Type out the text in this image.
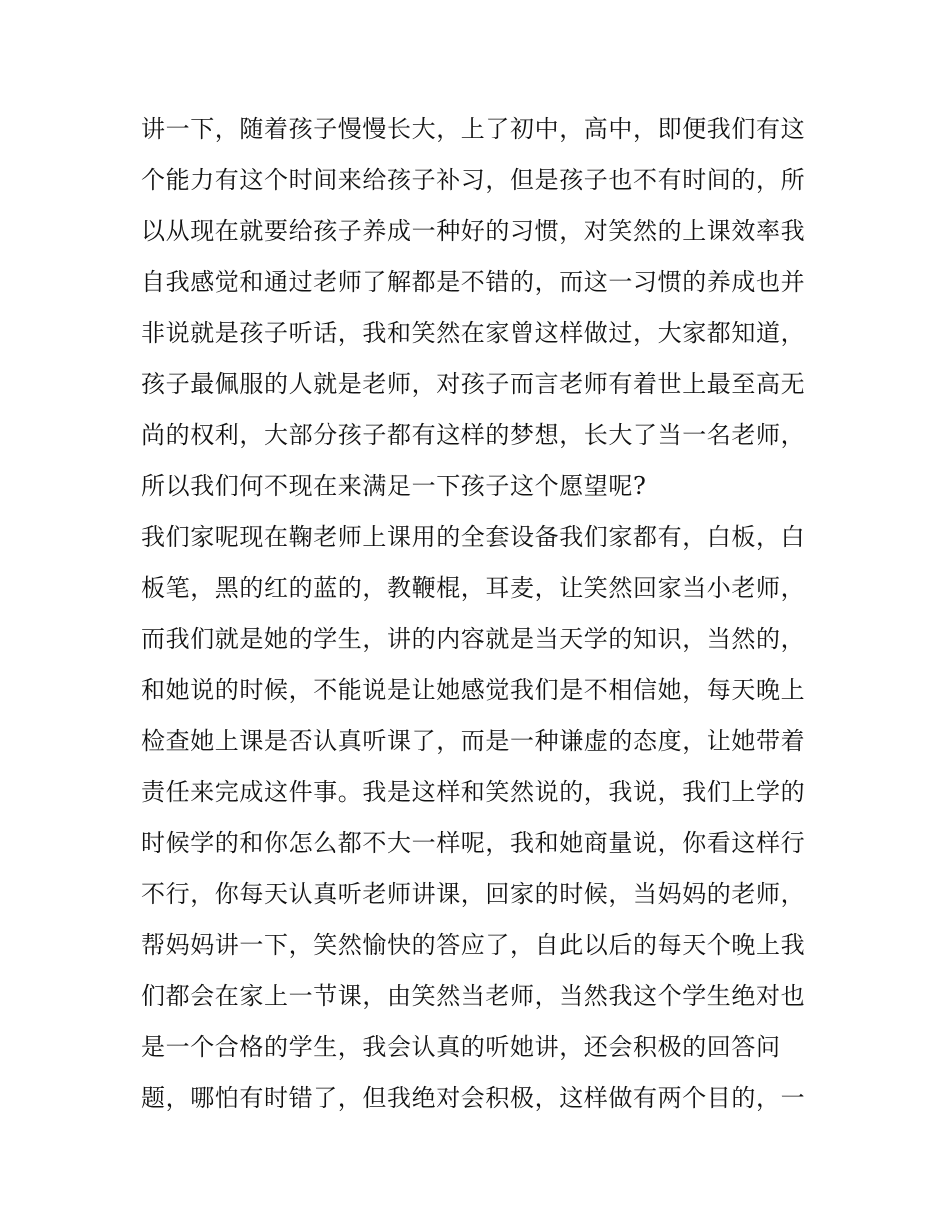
讲一下，随着孩子慢慢长大，上了初中，高中，即便我们有这
个能力有这个时间来给孩子补习，但是孩子也不有时间的，所
以从现在就要给孩子养成一种好的习惯，对笑然的上课效率我
自我感觉和通过老师了解都是不错的，而这一习惯的养成也并
非说就是孩子听话，我和笑然在家曾这样做过，大家都知道，
孩子最佩服的人就是老师，对孩子而言老师有着世上最至高无
尚的权利，大部分孩子都有这样的梦想，长大了当一名老师，
所以我们何不现在来满足一下孩子这个愿望呢?
我们家呢现在鞠老师上课用的全套设备我们家都有，白板，白
板笔，黑的红的蓝的，教鞭棍，耳麦，让笑然回家当小老师，
而我们就是她的学生，讲的内容就是当天学的知识，当然的，
和她说的时候，不能说是让她感觉我们是不相信她，每天晚上
检查她上课是否认真听课了，而是一种谦虚的态度，让她带着
责任来完成这件事。我是这样和笑然说的，我说，我们上学的
时候学的和你怎么都不大一样呢，我和她商量说，你看这样行
不行，你每天认真听老师讲课，回家的时候，当妈妈的老师，
帮妈妈讲一下，笑然愉快的答应了，自此以后的每天个晚上我
们都会在家上一节课，由笑然当老师，当然我这个学生绝对也
是一个合格的学生，我会认真的听她讲，还会积极的回答问
题，哪怕有时错了，但我绝对会积极，这样做有两个目的，一
